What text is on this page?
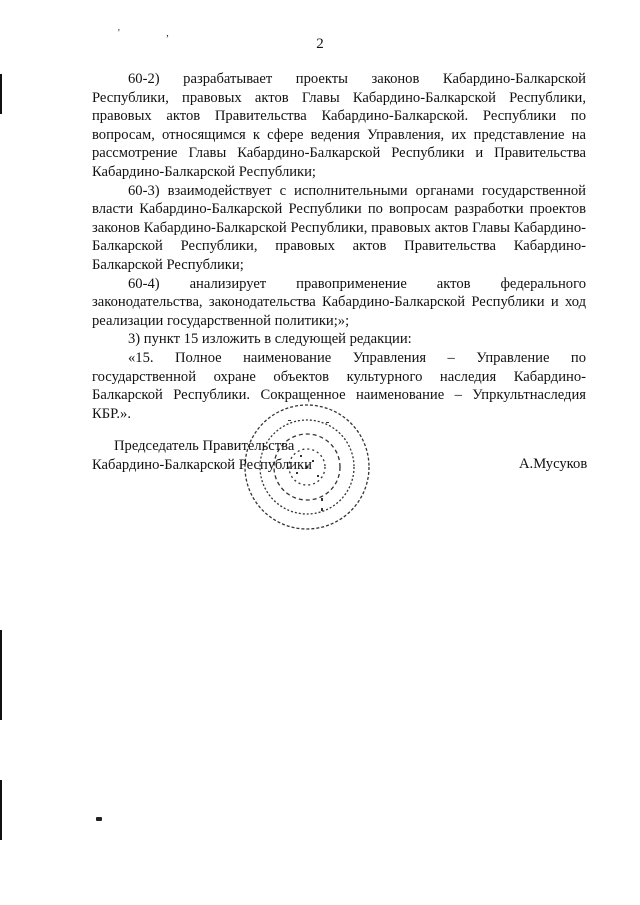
' ,
2

60-2) разрабатывает проекты законов Кабардино-Балкарской Республики, правовых актов Главы Кабардино-Балкарской Республики, правовых актов Правительства Кабардино-Балкарской. Республики по вопросам, относящимся к сфере ведения Управления, их представление на рассмотрение Главы Кабардино-Балкарской Республики и Правительства Кабардино-Балкарской Республики;

60-3) взаимодействует с исполнительными органами государственной власти Кабардино-Балкарской Республики по вопросам разработки проектов законов Кабардино-Балкарской Республики, правовых актов Главы Кабардино-Балкарской Республики, правовых актов Правительства Кабардино-Балкарской Республики;

60-4) анализирует правоприменение актов федерального законодательства, законодательства Кабардино-Балкарской Республики и ход реализации государственной политики;»;

3) пункт 15 изложить в следующей редакции:

«15. Полное наименование Управления – Управление по государственной охране объектов культурного наследия Кабардино-Балкарской Республики. Сокращенное наименование – Упркультнаследия КБР.».

Председатель Правительства
Кабардино-Балкарской Республики	А.Мусуков
